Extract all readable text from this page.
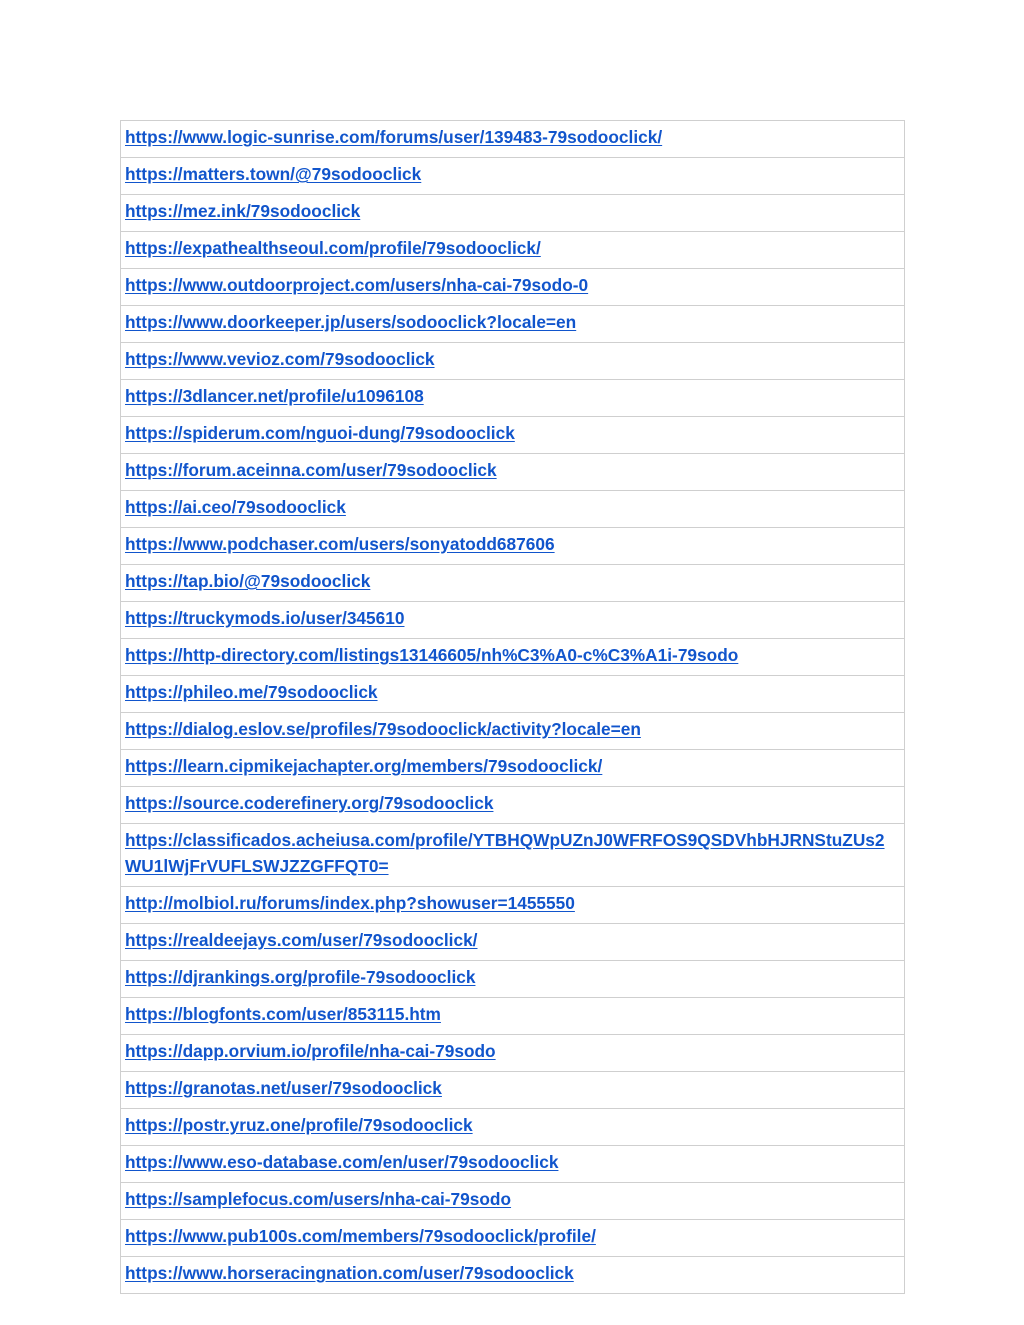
https://www.logic-sunrise.com/forums/user/139483-79sodooclick/
https://matters.town/@79sodooclick
https://mez.ink/79sodooclick
https://expathealthseoul.com/profile/79sodooclick/
https://www.outdoorproject.com/users/nha-cai-79sodo-0
https://www.doorkeeper.jp/users/sodooclick?locale=en
https://www.vevioz.com/79sodooclick
https://3dlancer.net/profile/u1096108
https://spiderum.com/nguoi-dung/79sodooclick
https://forum.aceinna.com/user/79sodooclick
https://ai.ceo/79sodooclick
https://www.podchaser.com/users/sonyatodd687606
https://tap.bio/@79sodooclick
https://truckymods.io/user/345610
https://http-directory.com/listings13146605/nh%C3%A0-c%C3%A1i-79sodo
https://phileo.me/79sodooclick
https://dialog.eslov.se/profiles/79sodooclick/activity?locale=en
https://learn.cipmikejachapter.org/members/79sodooclick/
https://source.coderefinery.org/79sodooclick
https://classificados.acheiusa.com/profile/YTBHQWpUZnJ0WFRFOS9QSDVhbHJRNStuZUs2WU1lWjFrVUFLSWJZZGFFQT0=
http://molbiol.ru/forums/index.php?showuser=1455550
https://realdeejays.com/user/79sodooclick/
https://djrankings.org/profile-79sodooclick
https://blogfonts.com/user/853115.htm
https://dapp.orvium.io/profile/nha-cai-79sodo
https://granotas.net/user/79sodooclick
https://postr.yruz.one/profile/79sodooclick
https://www.eso-database.com/en/user/79sodooclick
https://samplefocus.com/users/nha-cai-79sodo
https://www.pub100s.com/members/79sodooclick/profile/
https://www.horseracingnation.com/user/79sodooclick
